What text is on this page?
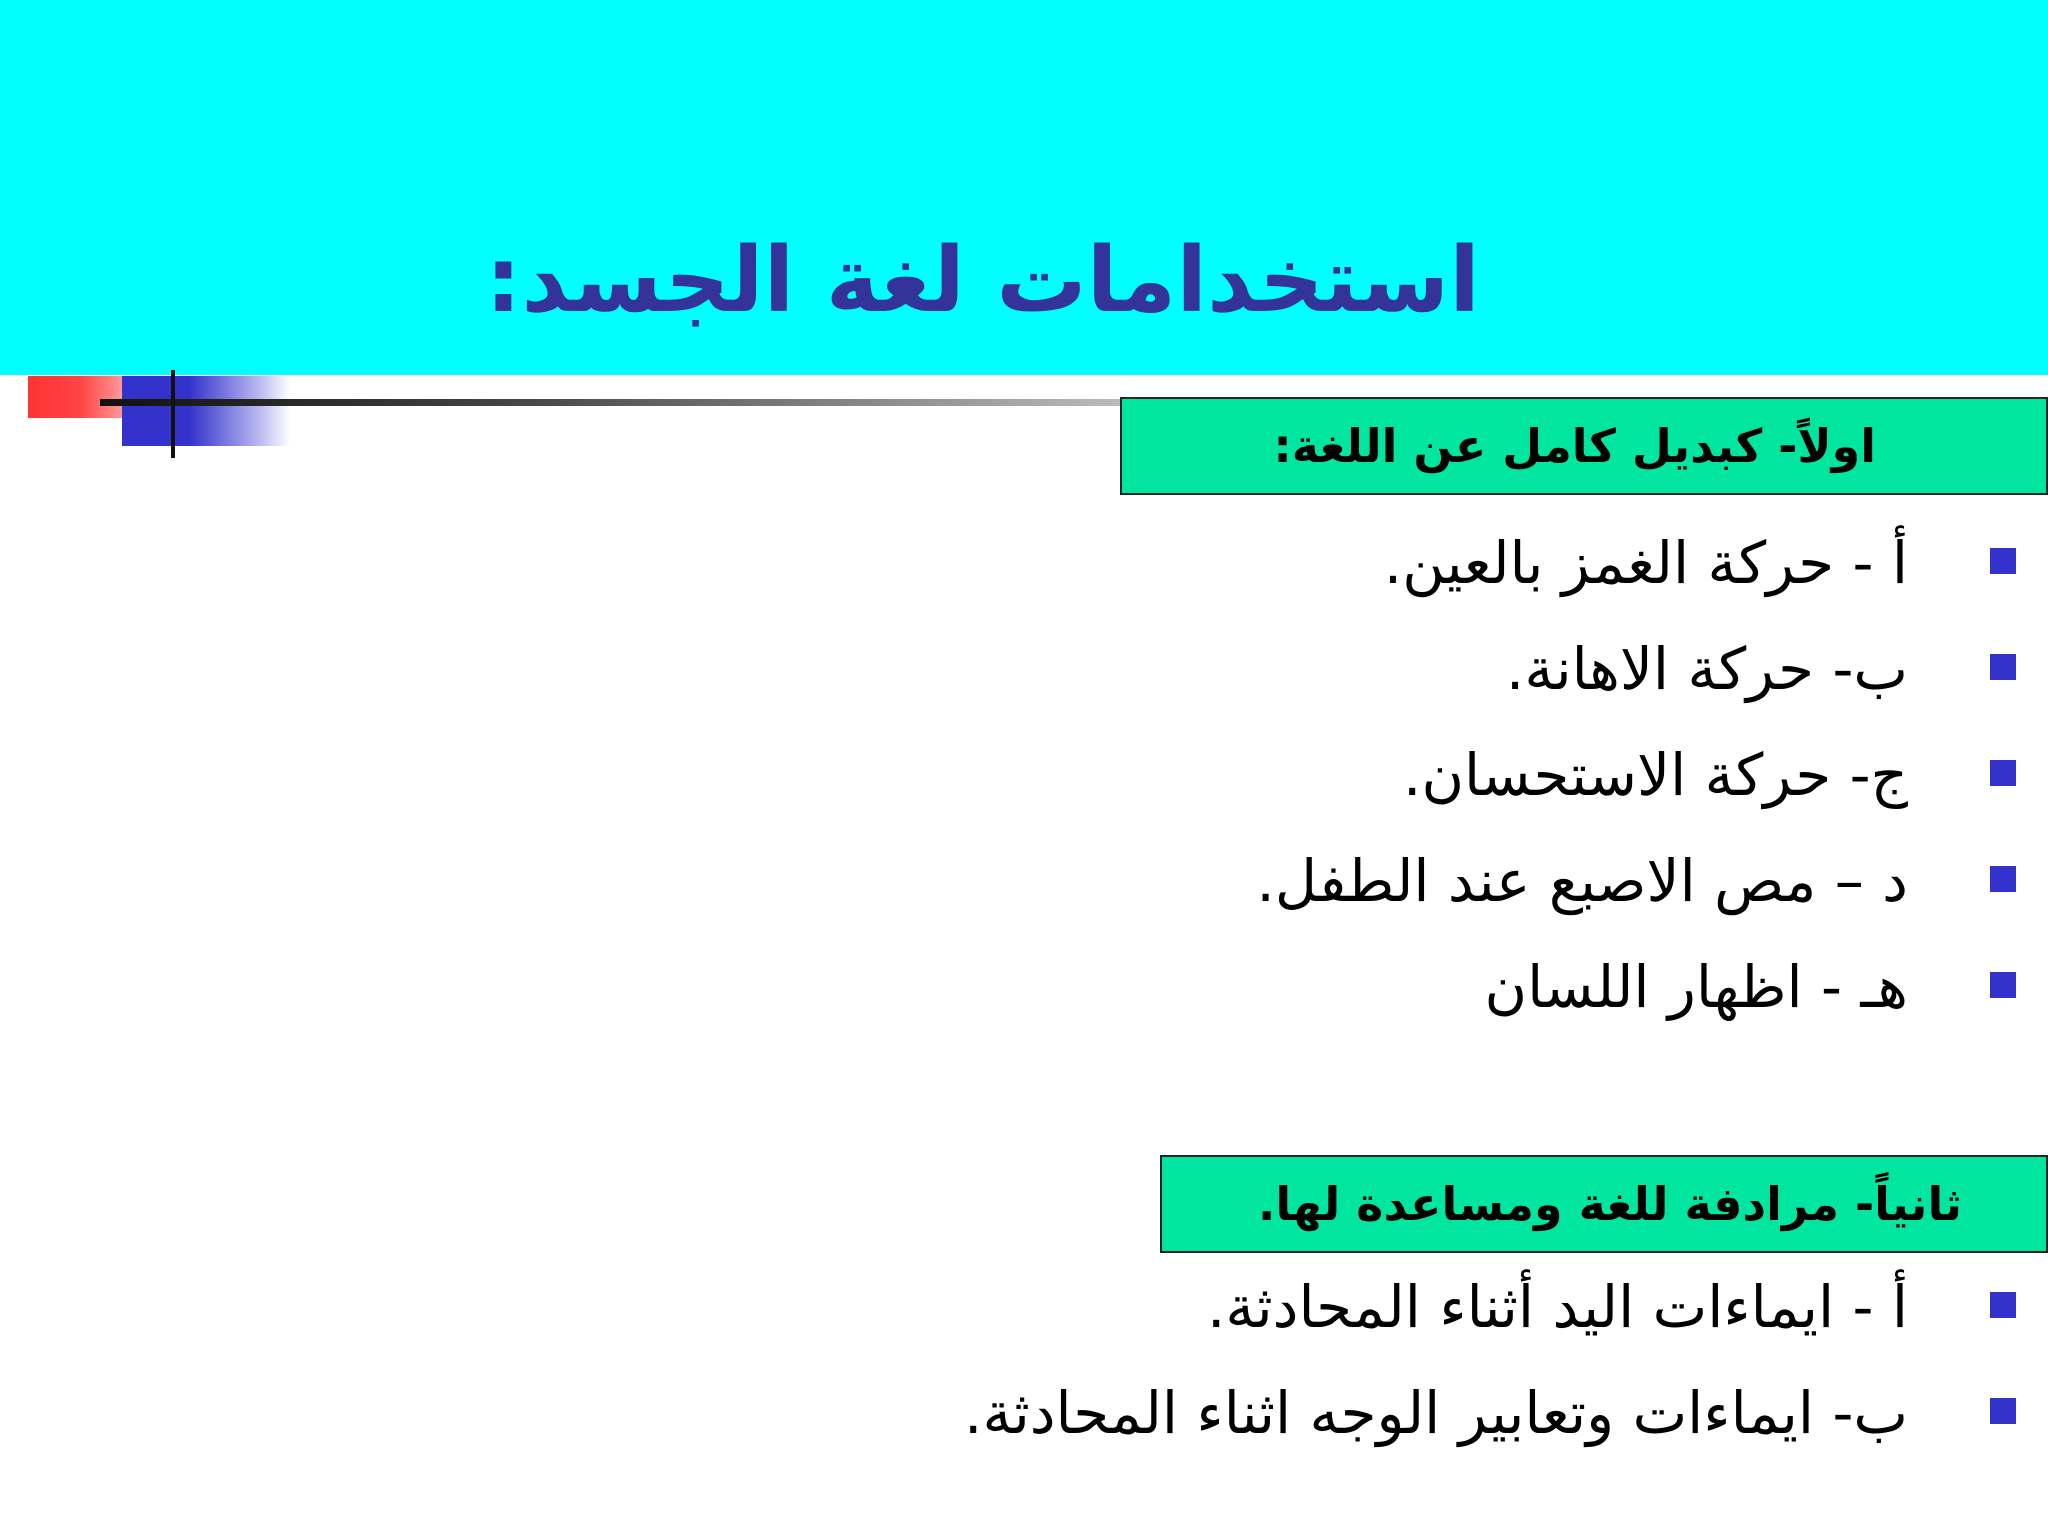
استخدامات لغة الجسد:
اولاً- كبديل كامل عن اللغة:
أ - حركة الغمز بالعين.
ب- حركة الاهانة.
ج- حركة الاستحسان.
د – مص الاصبع عند الطفل.
هـ - اظهار اللسان
ثانياً- مرادفة للغة ومساعدة لها.
أ - ايماءات اليد أثناء المحادثة.
ب- ايماءات وتعابير الوجه اثناء المحادثة.
